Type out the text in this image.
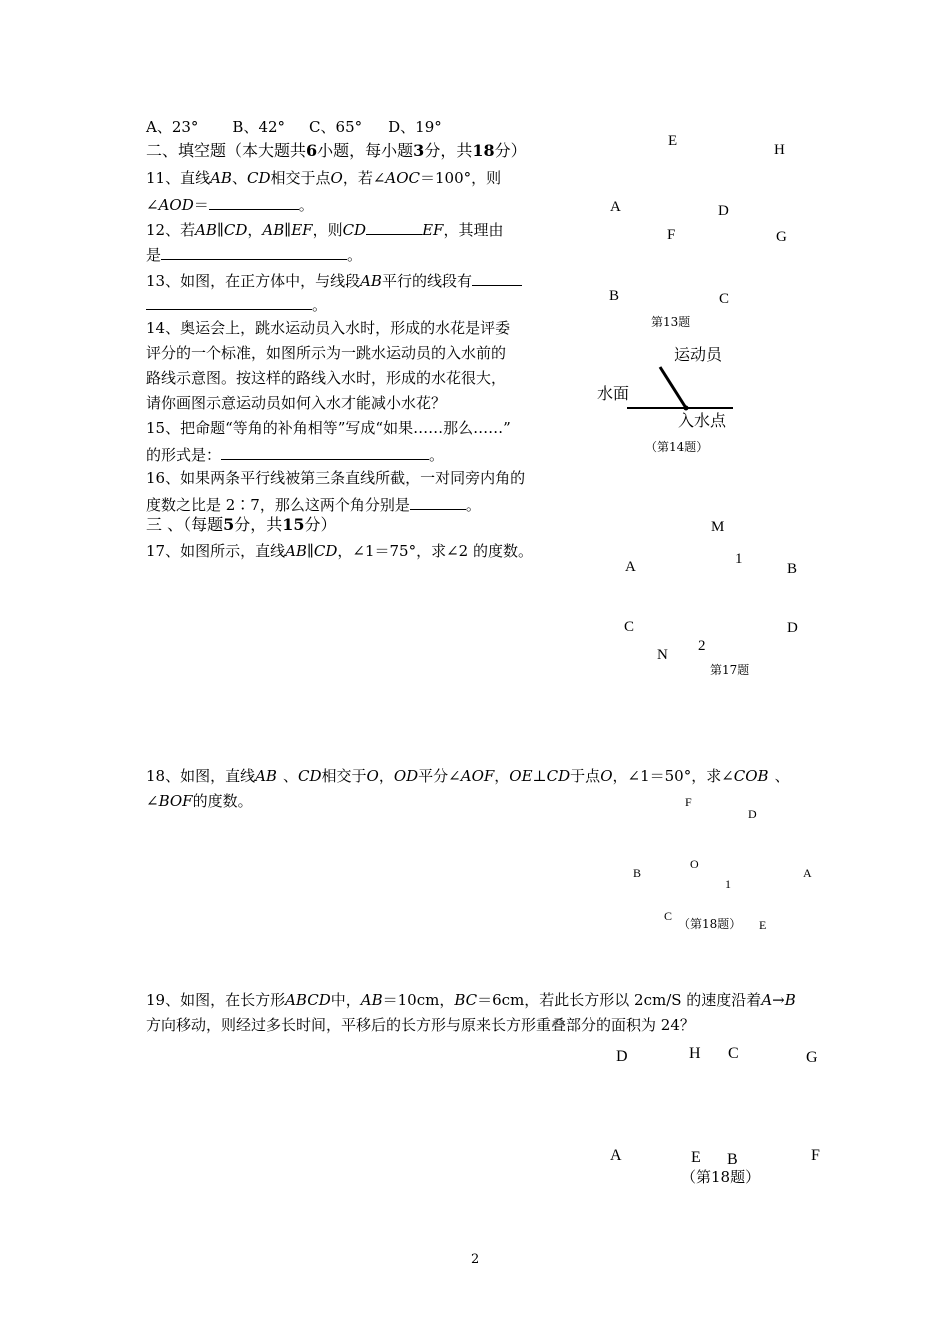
A、23° B、42° C、65° D、19°
二、填空题（本大题共6小题，每小题3分，共18分）
11、直线AB、CD相交于点O，若∠AOC＝100°，则
∠AOD＝	。
12、若AB∥CD，AB∥EF，则CD	EF，其理由
是	。
13、如图，在正方体中，与线段AB平行的线段有
。
14、奥运会上，跳水运动员入水时，形成的水花是评委
评分的一个标准，如图所示为一跳水运动员的入水前的
路线示意图。按这样的路线入水时，形成的水花很大，
请你画图示意运动员如何入水才能减小水花？
15、把命题“等角的补角相等”写成“如果……那么……”
的形式是：	。
16、如果两条平行线被第三条直线所截，一对同旁内角的
度数之比是 2∶7，那么这两个角分别是	。
三 、（每题5分，共15分）
17、如图所示，直线AB∥CD，∠1＝75°，求∠2 的度数。
18、如图，直线AB 、CD相交于O，OD平分∠AOF，OE⊥CD于点O，∠1＝50°，求∠COB 、
∠BOF的度数。
19、如图，在长方形ABCD中，AB＝10cm，BC＝6cm，若此长方形以 2cm/S 的速度沿着A→B
方向移动，则经过多长时间，平移后的长方形与原来长方形重叠部分的面积为 24？
E
H
A	D
F	G
B	C
第13题
运动员
水面
入水点
（第14题）
M
A	1
B
C	D
N
2
第17题
F
D
B
O
1
A
C
（第18题） E
D	H C	G
A	E B	F
（第18题）
2
